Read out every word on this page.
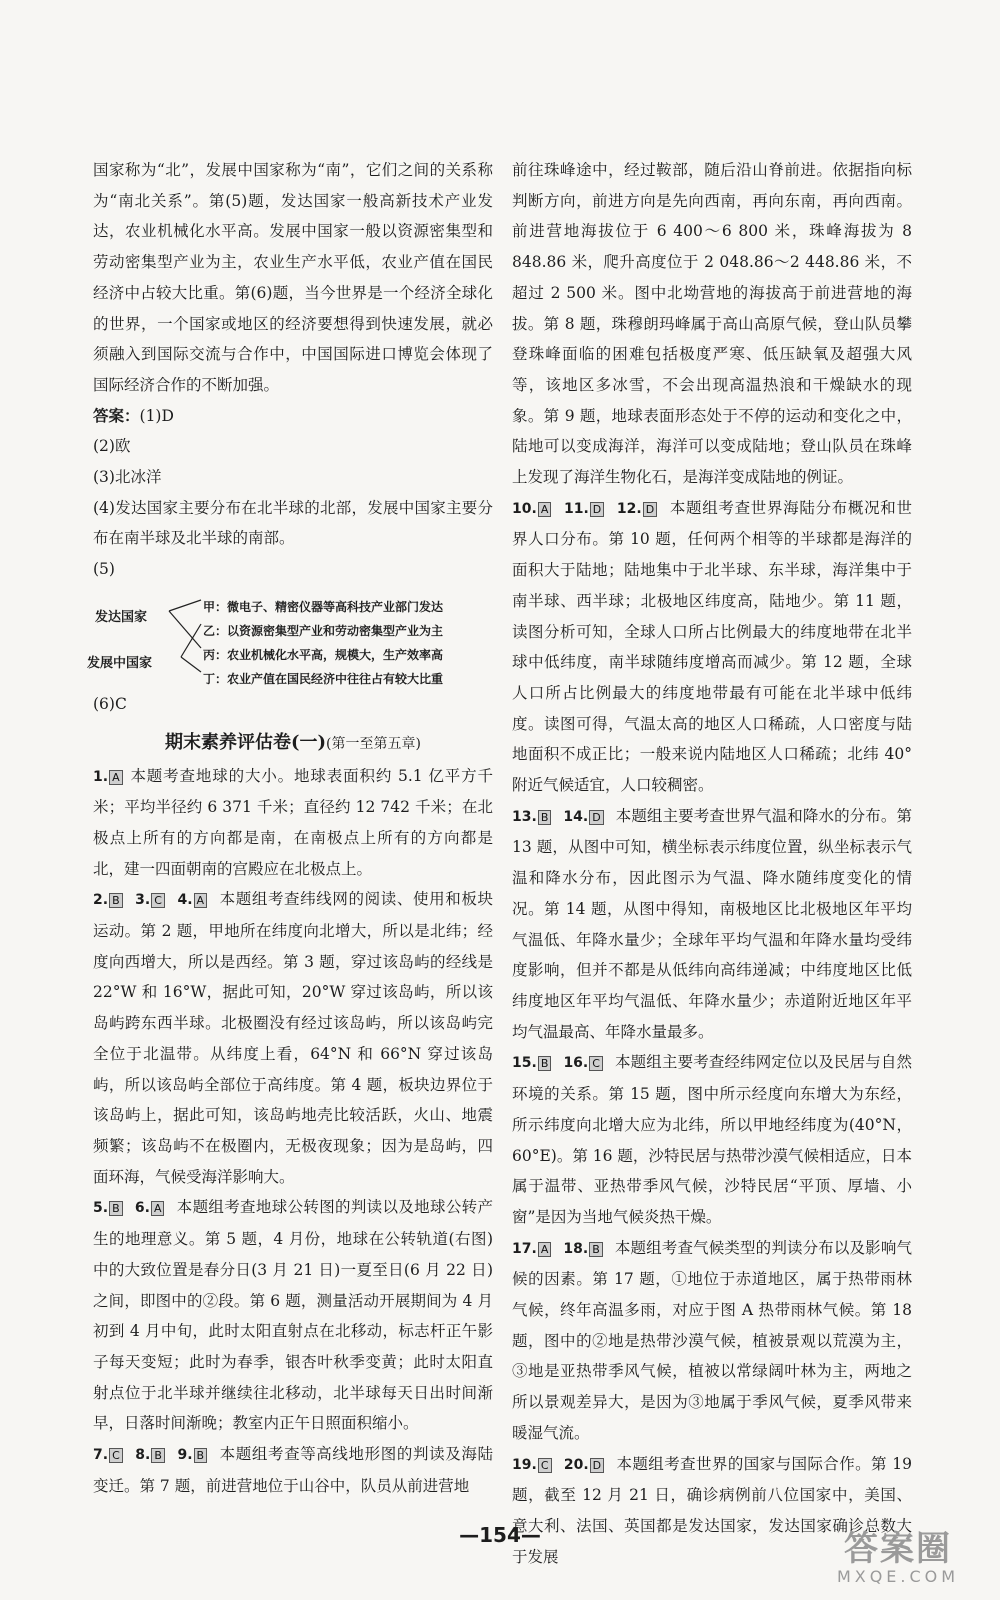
国家称为“北”，发展中国家称为“南”，它们之间的关系称为“南北关系”。第(5)题，发达国家一般高新技术产业发达，农业机械化水平高。发展中国家一般以资源密集型和劳动密集型产业为主，农业生产水平低，农业产值在国民经济中占较大比重。第(6)题，当今世界是一个经济全球化的世界，一个国家或地区的经济要想得到快速发展，就必须融入到国际交流与合作中，中国国际进口博览会体现了国际经济合作的不断加强。

答案：(1)D

(2)欧

(3)北冰洋

(4)发达国家主要分布在北半球的北部，发展中国家主要分布在南半球及北半球的南部。

(5)

发达国家
发展中国家
甲：微电子、精密仪器等高科技产业部门发达
乙：以资源密集型产业和劳动密集型产业为主
丙：农业机械化水平高，规模大，生产效率高
丁：农业产值在国民经济中往往占有较大比重

(6)C

期末素养评估卷(一)(第一至第五章)

1. A 本题考查地球的大小。地球表面积约 5.1 亿平方千米；平均半径约 6 371 千米；直径约 12 742 千米；在北极点上所有的方向都是南，在南极点上所有的方向都是北，建一四面朝南的宫殿应在北极点上。

2. B 3. C 4. A 本题组考查纬线网的阅读、使用和板块运动。第 2 题，甲地所在纬度向北增大，所以是北纬；经度向西增大，所以是西经。第 3 题，穿过该岛屿的经线是 22°W 和 16°W，据此可知，20°W 穿过该岛屿，所以该岛屿跨东西半球。北极圈没有经过该岛屿，所以该岛屿完全位于北温带。从纬度上看，64°N 和 66°N 穿过该岛屿，所以该岛屿全部位于高纬度。第 4 题，板块边界位于该岛屿上，据此可知，该岛屿地壳比较活跃，火山、地震频繁；该岛屿不在极圈内，无极夜现象；因为是岛屿，四面环海，气候受海洋影响大。

5. B 6. A 本题组考查地球公转图的判读以及地球公转产生的地理意义。第 5 题，4 月份，地球在公转轨道(右图)中的大致位置是春分日(3 月 21 日)一夏至日(6 月 22 日)之间，即图中的②段。第 6 题，测量活动开展期间为 4 月初到 4 月中旬，此时太阳直射点在北移动，标志杆正午影子每天变短；此时为春季，银杏叶秋季变黄；此时太阳直射点位于北半球并继续往北移动，北半球每天日出时间渐早，日落时间渐晚；教室内正午日照面积缩小。

7. C 8. B 9. B 本题组考查等高线地形图的判读及海陆变迁。第 7 题，前进营地位于山谷中，队员从前进营地

前往珠峰途中，经过鞍部，随后沿山脊前进。依据指向标判断方向，前进方向是先向西南，再向东南，再向西南。前进营地海拔位于 6 400～6 800 米，珠峰海拔为 8 848.86 米，爬升高度位于 2 048.86～2 448.86 米，不超过 2 500 米。图中北坳营地的海拔高于前进营地的海拔。第 8 题，珠穆朗玛峰属于高山高原气候，登山队员攀登珠峰面临的困难包括极度严寒、低压缺氧及超强大风等，该地区多冰雪，不会出现高温热浪和干燥缺水的现象。第 9 题，地球表面形态处于不停的运动和变化之中，陆地可以变成海洋，海洋可以变成陆地；登山队员在珠峰上发现了海洋生物化石，是海洋变成陆地的例证。

10. A 11. D 12. D 本题组考查世界海陆分布概况和世界人口分布。第 10 题，任何两个相等的半球都是海洋的面积大于陆地；陆地集中于北半球、东半球，海洋集中于南半球、西半球；北极地区纬度高，陆地少。第 11 题，读图分析可知，全球人口所占比例最大的纬度地带在北半球中低纬度，南半球随纬度增高而减少。第 12 题，全球人口所占比例最大的纬度地带最有可能在北半球中低纬度。读图可得，气温太高的地区人口稀疏，人口密度与陆地面积不成正比；一般来说内陆地区人口稀疏；北纬 40°附近气候适宜，人口较稠密。

13. B 14. D 本题组主要考查世界气温和降水的分布。第 13 题，从图中可知，横坐标表示纬度位置，纵坐标表示气温和降水分布，因此图示为气温、降水随纬度变化的情况。第 14 题，从图中得知，南极地区比北极地区年平均气温低、年降水量少；全球年平均气温和年降水量均受纬度影响，但并不都是从低纬向高纬递减；中纬度地区比低纬度地区年平均气温低、年降水量少；赤道附近地区年平均气温最高、年降水量最多。

15. B 16. C 本题组主要考查经纬网定位以及民居与自然环境的关系。第 15 题，图中所示经度向东增大为东经，所示纬度向北增大应为北纬，所以甲地经纬度为(40°N，60°E)。第 16 题，沙特民居与热带沙漠气候相适应，日本属于温带、亚热带季风气候，沙特民居“平顶、厚墙、小窗”是因为当地气候炎热干燥。

17. A 18. B 本题组考查气候类型的判读分布以及影响气候的因素。第 17 题，①地位于赤道地区，属于热带雨林气候，终年高温多雨，对应于图 A 热带雨林气候。第 18 题，图中的②地是热带沙漠气候，植被景观以荒漠为主，③地是亚热带季风气候，植被以常绿阔叶林为主，两地之所以景观差异大，是因为③地属于季风气候，夏季风带来暖湿气流。

19. C 20. D 本题组考查世界的国家与国际合作。第 19 题，截至 12 月 21 日，确诊病例前八位国家中，美国、意大利、法国、英国都是发达国家，发达国家确诊总数大于发展

—154—	答案圈
MXQE.COM
